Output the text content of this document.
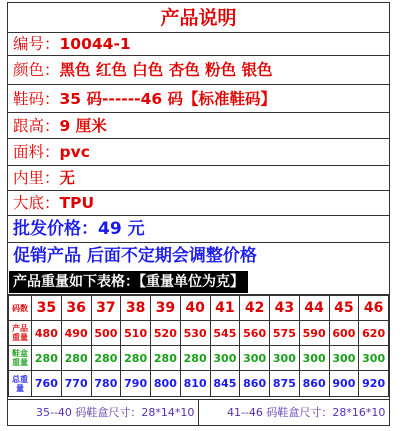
产品说明
编号：10044-1
颜色：黑色 红色 白色 杏色 粉色 银色
鞋码：35 码------46 码【标准鞋码】
跟高：9 厘米
面料：pvc
内里：无
大底：TPU
批发价格：49 元
促销产品 后面不定期会调整价格
产品重量如下表格：【重量单位为克】
码数	35	36	37	38	39	40	41	42	43	44	45	46
产品重量	480	490	500	510	520	530	545	560	575	590	600	620
鞋盒重量	280	280	280	280	280	280	300	300	300	300	300	300
总重量	760	770	780	790	800	810	845	860	875	860	900	920
35--40 码鞋盒尺寸：28*14*10	41--46 码鞋盒尺寸：28*16*10
